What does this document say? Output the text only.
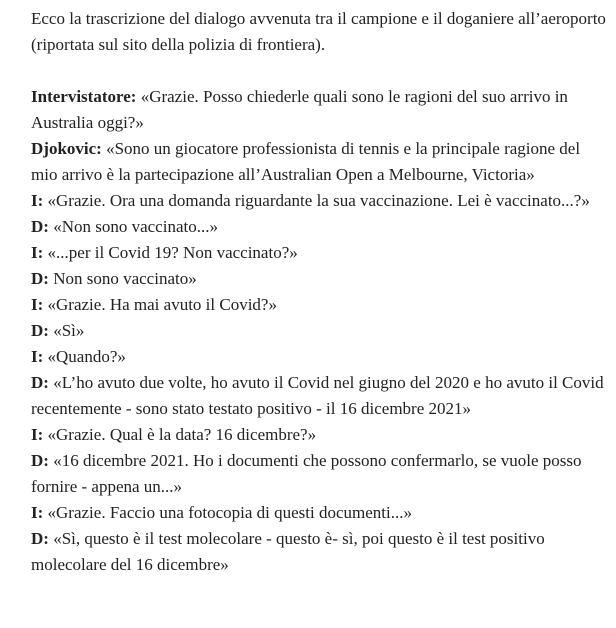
Ecco la trascrizione del dialogo avvenuta tra il campione e il doganiere all’aeroporto (riportata sul sito della polizia di frontiera).

Intervistatore: «Grazie. Posso chiederle quali sono le ragioni del suo arrivo in Australia oggi?»

Djokovic: «Sono un giocatore professionista di tennis e la principale ragione del mio arrivo è la partecipazione all’Australian Open a Melbourne, Victoria»

I: «Grazie. Ora una domanda riguardante la sua vaccinazione. Lei è vaccinato...?»

D: «Non sono vaccinato...»

I: «...per il Covid 19? Non vaccinato?»

D: Non sono vaccinato»

I: «Grazie. Ha mai avuto il Covid?»

D: «Sì»

I: «Quando?»

D: «L’ho avuto due volte, ho avuto il Covid nel giugno del 2020 e ho avuto il Covid recentemente - sono stato testato positivo - il 16 dicembre 2021»

I: «Grazie. Qual è la data? 16 dicembre?»

D: «16 dicembre 2021. Ho i documenti che possono confermarlo, se vuole posso fornire - appena un...»

I: «Grazie. Faccio una fotocopia di questi documenti...»

D: «Sì, questo è il test molecolare - questo è- sì, poi questo è il test positivo molecolare del 16 dicembre»
